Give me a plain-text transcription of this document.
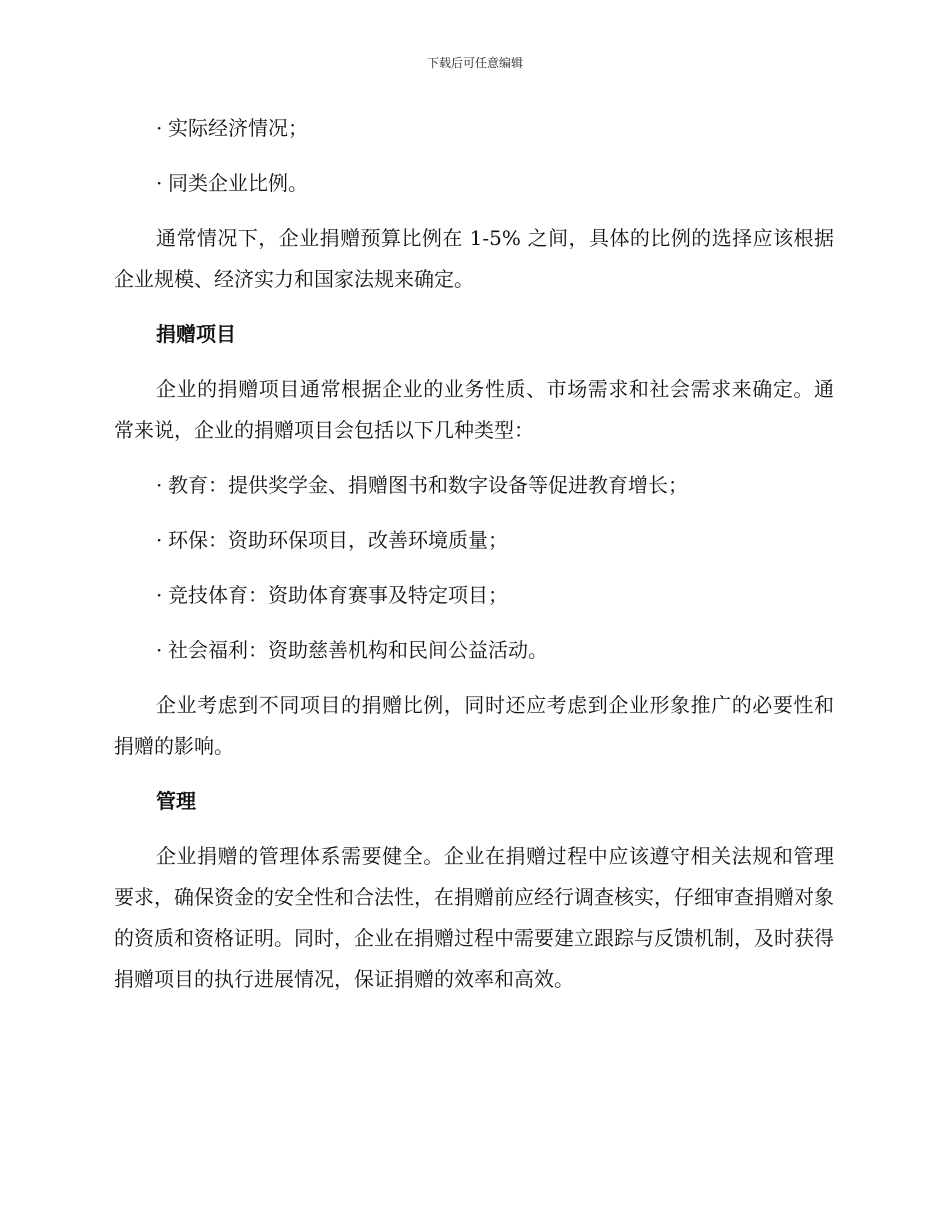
下载后可任意编辑

· 实际经济情况；

· 同类企业比例。

通常情况下，企业捐赠预算比例在 1-5% 之间，具体的比例的选择应该根据企业规模、经济实力和国家法规来确定。

捐赠项目

企业的捐赠项目通常根据企业的业务性质、市场需求和社会需求来确定。通常来说，企业的捐赠项目会包括以下几种类型：

· 教育：提供奖学金、捐赠图书和数字设备等促进教育增长；

· 环保：资助环保项目，改善环境质量；

· 竞技体育：资助体育赛事及特定项目；

· 社会福利：资助慈善机构和民间公益活动。

企业考虑到不同项目的捐赠比例，同时还应考虑到企业形象推广的必要性和捐赠的影响。

管理

企业捐赠的管理体系需要健全。企业在捐赠过程中应该遵守相关法规和管理要求，确保资金的安全性和合法性，在捐赠前应经行调查核实，仔细审查捐赠对象的资质和资格证明。同时，企业在捐赠过程中需要建立跟踪与反馈机制，及时获得捐赠项目的执行进展情况，保证捐赠的效率和高效。
